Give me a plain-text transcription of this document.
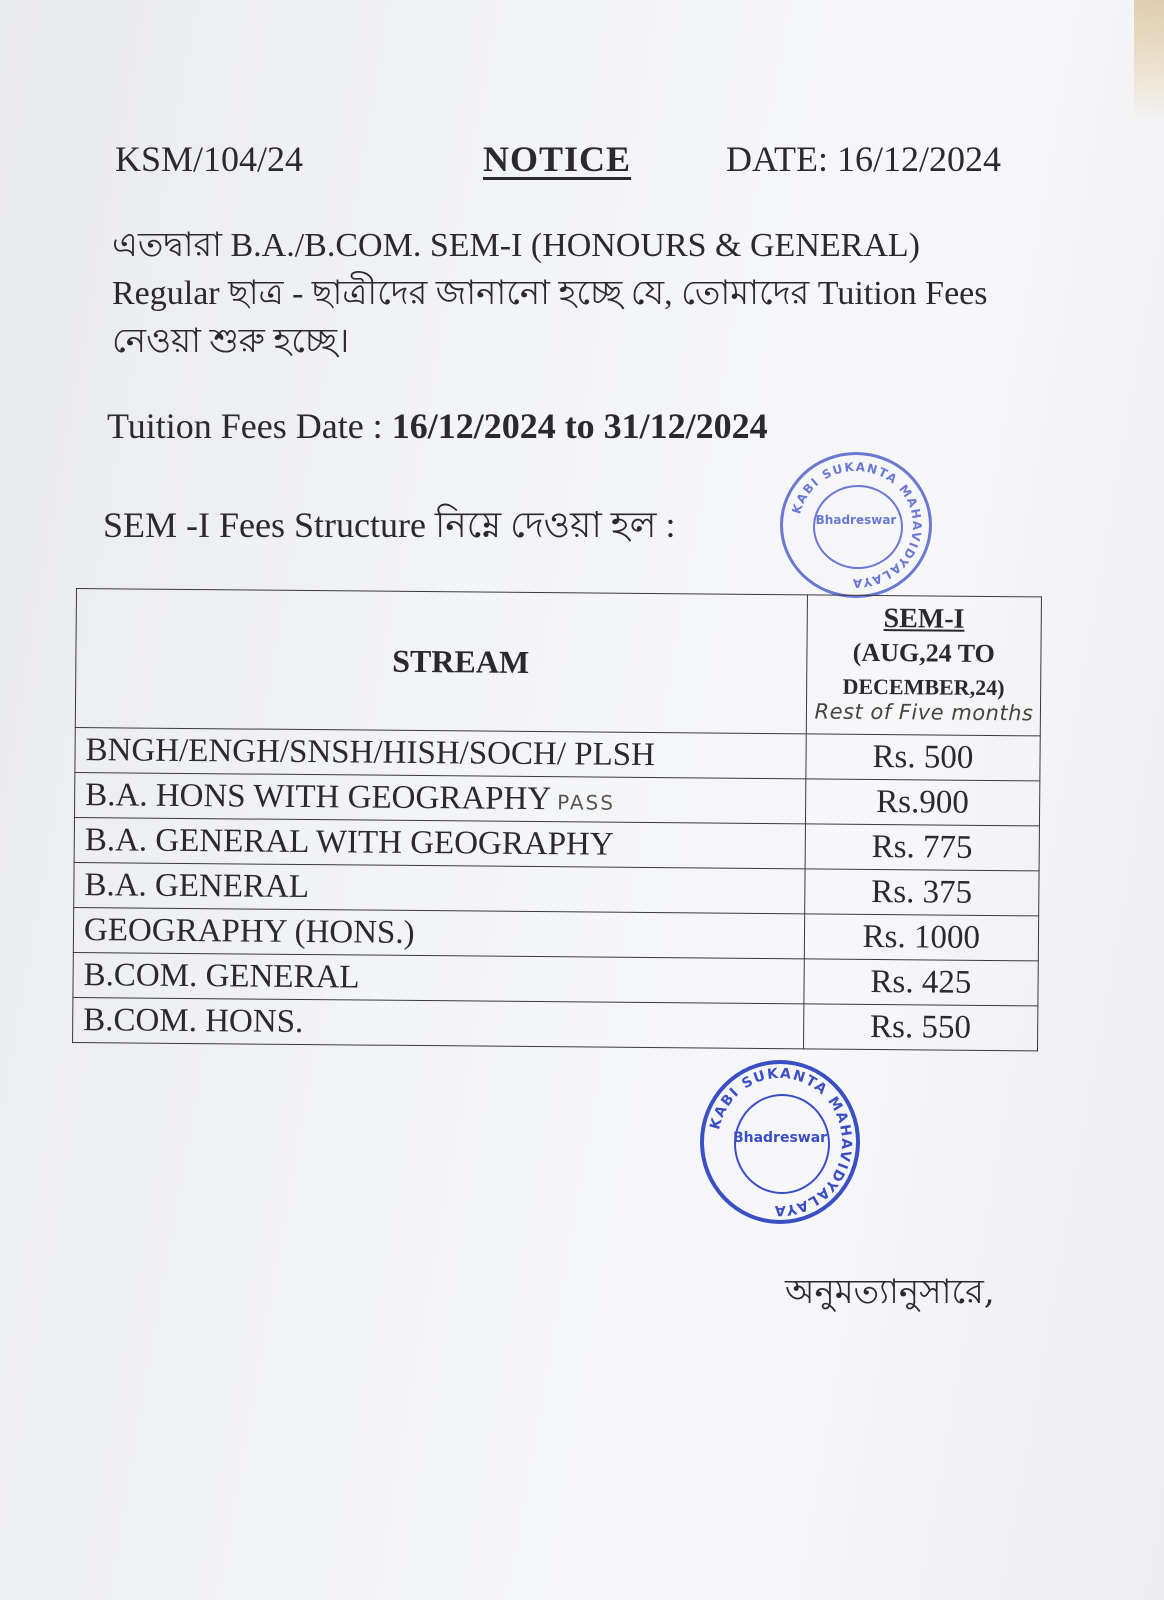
KSM/104/24	NOTICE	DATE: 16/12/2024
এতদ্বারা B.A./B.COM. SEM-I (HONOURS & GENERAL)
Regular ছাত্র - ছাত্রীদের জানানো হচ্ছে যে, তোমাদের Tuition Fees
নেওয়া শুরু হচ্ছে।
Tuition Fees Date : 16/12/2024 to 31/12/2024
SEM -I Fees Structure নিম্নে দেওয়া হল :	KABI SUKANTA MAHAVIDYALAYA
Bhadreswar
STREAM	SEM-I
(AUG,24 TO
DECEMBER,24)
Rest of Five months

BNGH/ENGH/SNSH/HISH/SOCH/ PLSH	Rs. 500
B.A. HONS WITH GEOGRAPHY PASS	Rs.900
B.A. GENERAL WITH GEOGRAPHY	Rs. 775
B.A. GENERAL	Rs. 375
GEOGRAPHY (HONS.)	Rs. 1000
B.COM. GENERAL	Rs. 425
B.COM. HONS.	Rs. 550
KABI SUKANTA MAHAVIDYALAYA
Bhadreswar
অনুমত্যানুসারে,
